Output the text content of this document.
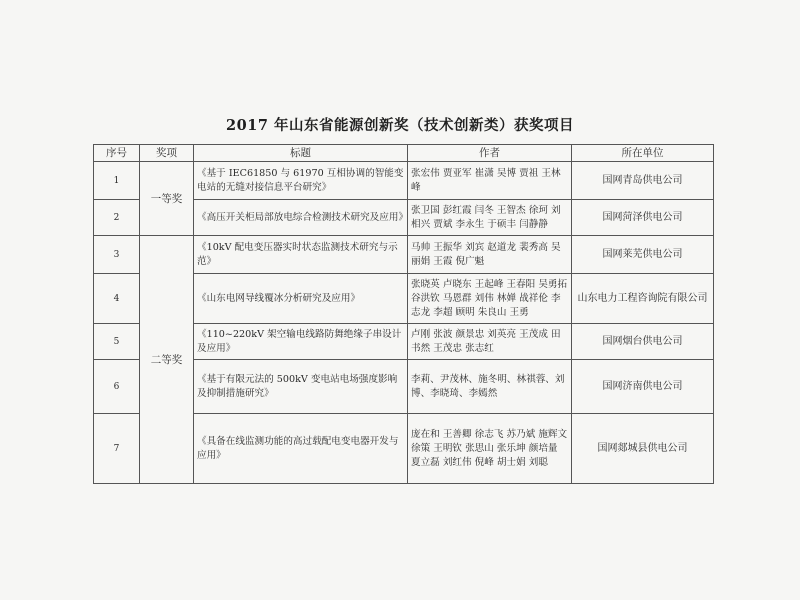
2017 年山东省能源创新奖（技术创新类）获奖项目
序号	奖项	标题	作者	所在单位
1	一等奖	《基于 IEC61850 与 61970 互相协调的智能变电站的无缝对接信息平台研究》	张宏伟 贾亚军 崔潇 吴博 贾祖 王林峰	国网青岛供电公司
2		《高压开关柜局部放电综合检测技术研究及应用》	张卫国 彭红霞 闫冬 王智杰 徐珂 刘相兴 贾斌 李永生 于硕丰 闫静静	国网菏泽供电公司
3	二等奖	《10kV 配电变压器实时状态监测技术研究与示范》	马帅 王振华 刘宾 赵道龙 裴秀高 吴丽娟 王霞 倪广魁	国网莱芜供电公司
4		《山东电网导线覆冰分析研究及应用》	张晓英 卢晓东 王起峰 王春阳 吴勇拓 谷洪钦 马恩群 刘伟 林婵 战祥伦 李志龙 李超 顾明 朱良山 王勇	山东电力工程咨询院有限公司
5		《110~220kV 架空输电线路防舞绝缘子串设计及应用》	卢刚 张波 颜景忠 刘英亮 王茂成 田书然 王茂忠 张志红	国网烟台供电公司
6		《基于有限元法的 500kV 变电站电场强度影响及抑制措施研究》	李莉、尹茂林、施冬明、林祺蓉、刘博、李晓琦、李嫣然	国网济南供电公司
7		《具备在线监测功能的高过载配电变电器开发与应用》	庞在和 王善卿 徐志飞 苏乃斌 施辉文 徐策 王明钦 张思山 张乐坤 颜培量 夏立磊 刘红伟 倪峰 胡士娟 刘聪	国网郯城县供电公司
